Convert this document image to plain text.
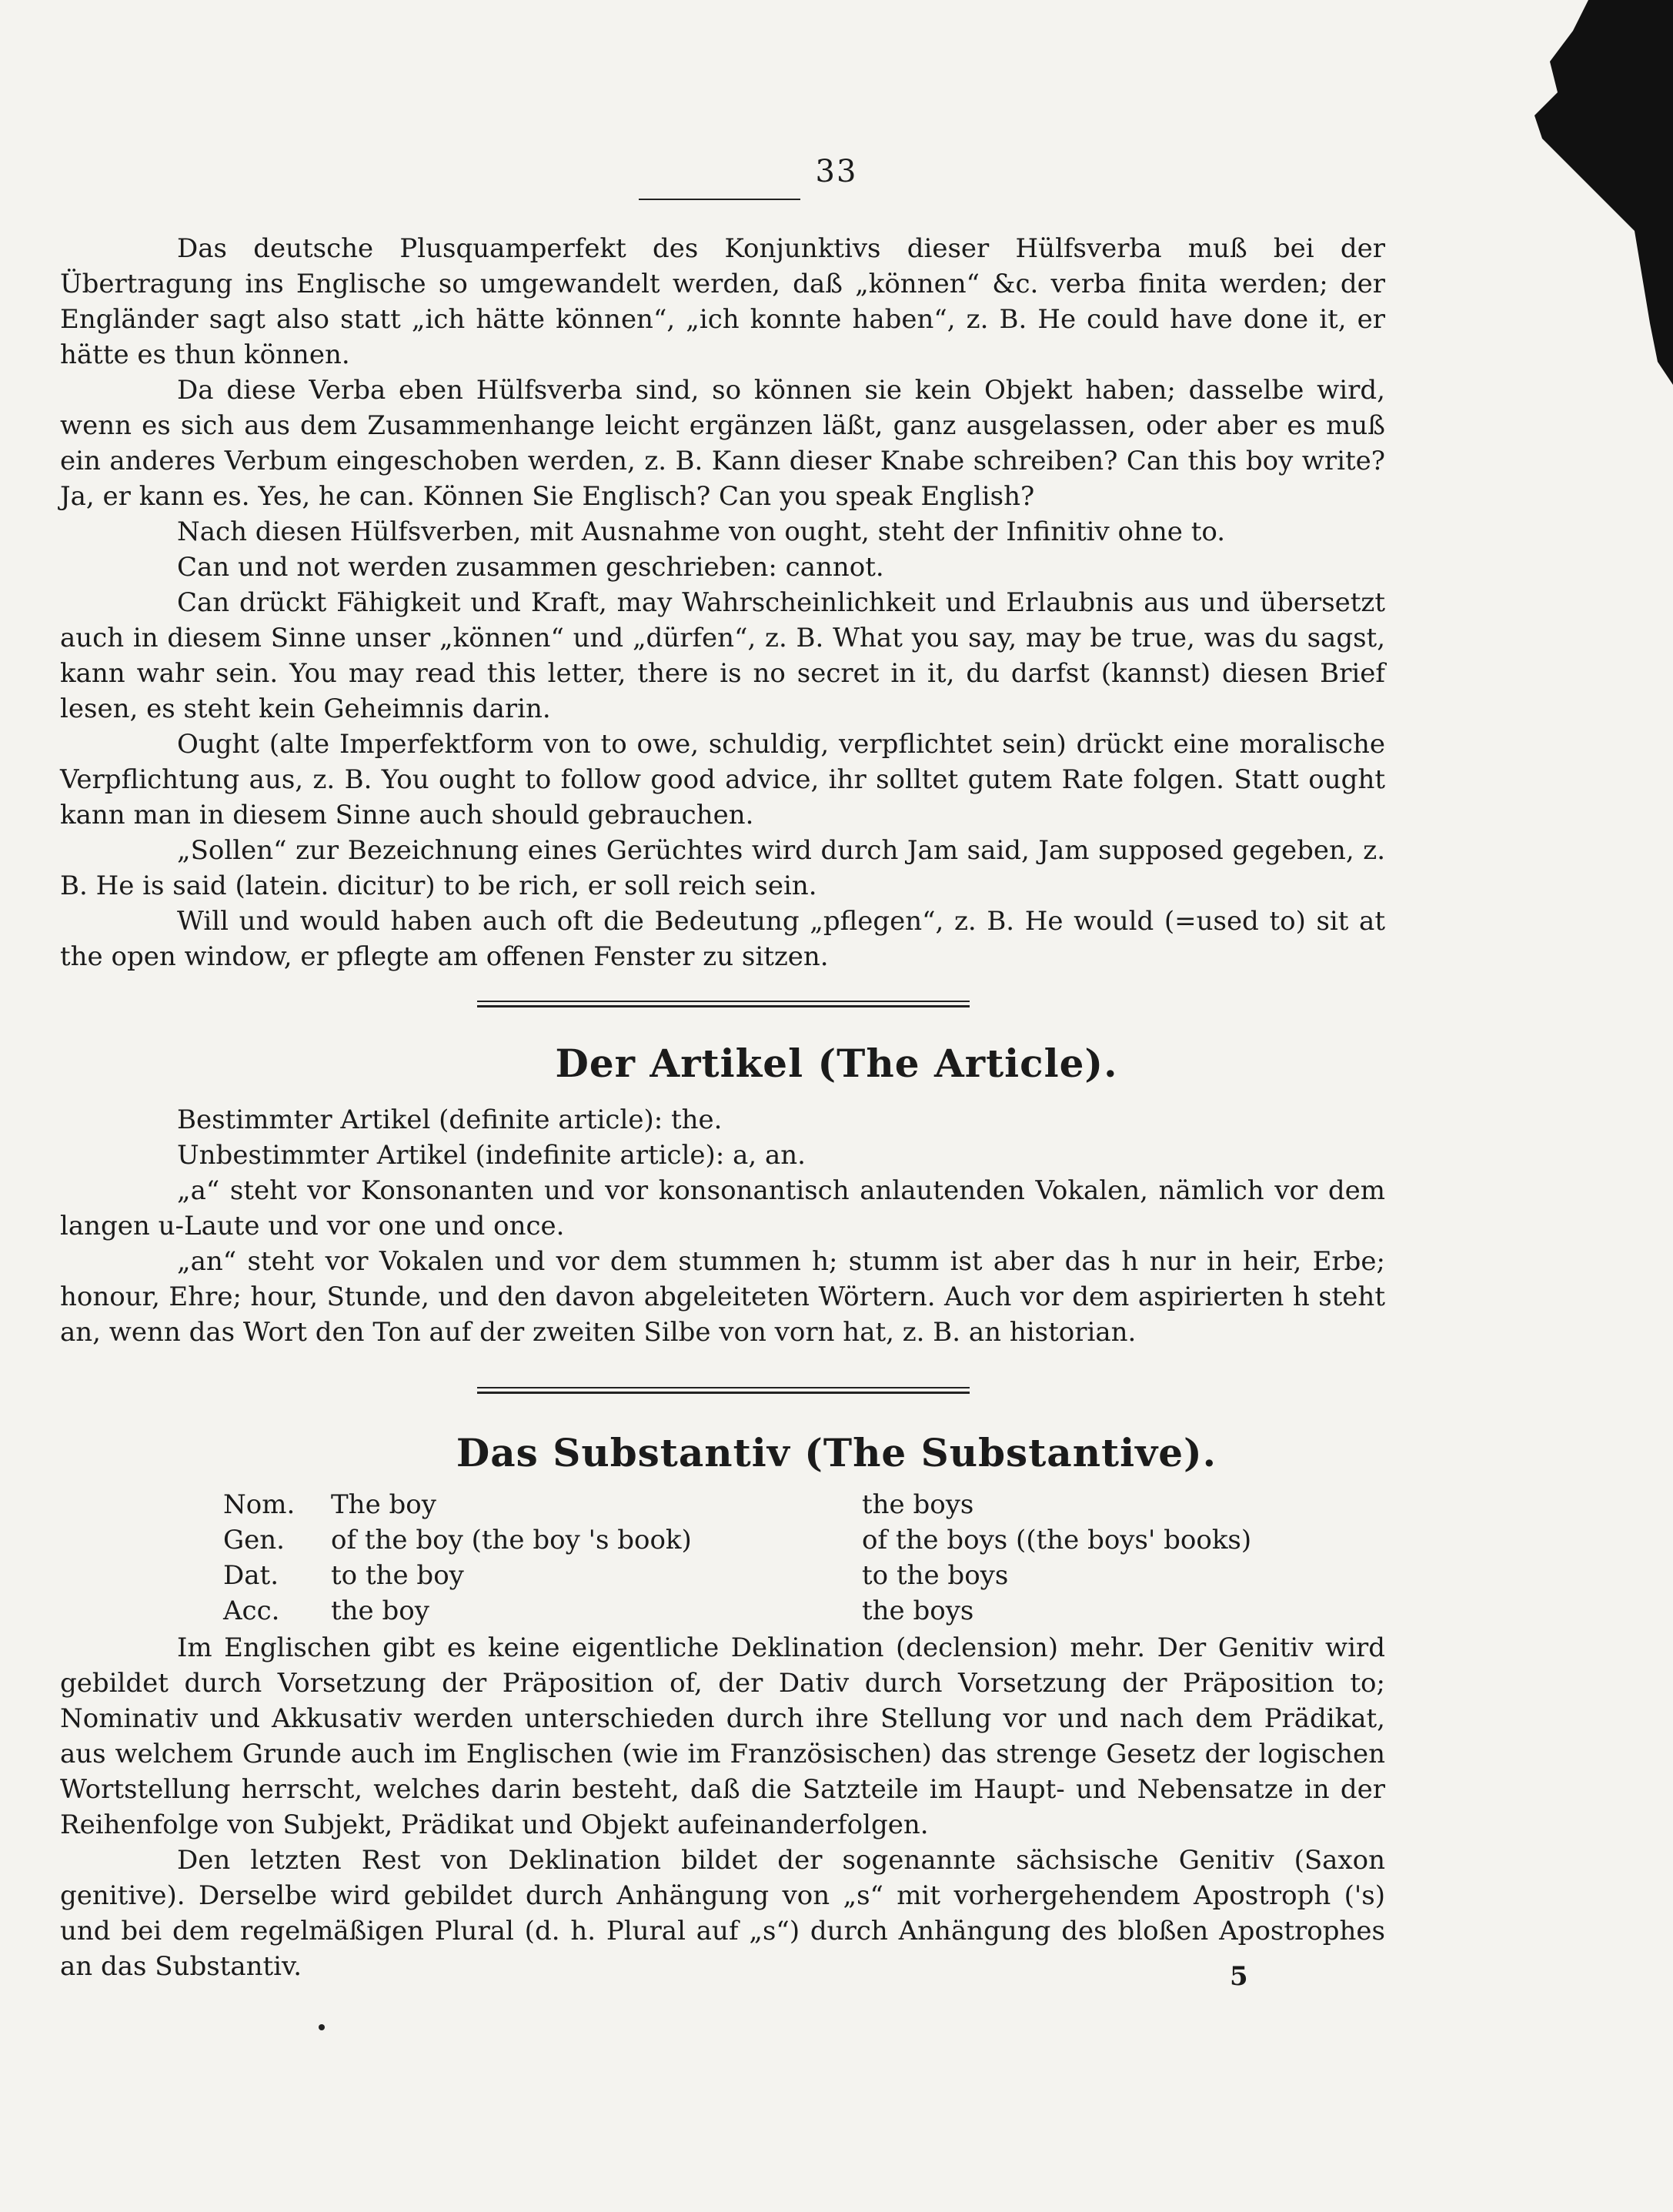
33

Das deutsche Plusquamperfekt des Konjunktivs dieser Hülfsverba muß bei der Übertragung ins Englische so umgewandelt werden, daß „können“ &c. verba finita werden; der Engländer sagt also statt „ich hätte können“, „ich konnte haben“, z. B. He could have done it, er hätte es thun können.

Da diese Verba eben Hülfsverba sind, so können sie kein Objekt haben; dasselbe wird, wenn es sich aus dem Zusammenhange leicht ergänzen läßt, ganz ausgelassen, oder aber es muß ein anderes Verbum eingeschoben werden, z. B. Kann dieser Knabe schreiben? Can this boy write? Ja, er kann es. Yes, he can. Können Sie Englisch? Can you speak English?

Nach diesen Hülfsverben, mit Ausnahme von ought, steht der Infinitiv ohne to.

Can und not werden zusammen geschrieben: cannot.

Can drückt Fähigkeit und Kraft, may Wahrscheinlichkeit und Erlaubnis aus und übersetzt auch in diesem Sinne unser „können“ und „dürfen“, z. B. What you say, may be true, was du sagst, kann wahr sein. You may read this letter, there is no secret in it, du darfst (kannst) diesen Brief lesen, es steht kein Geheimnis darin.

Ought (alte Imperfektform von to owe, schuldig, verpflichtet sein) drückt eine moralische Verpflichtung aus, z. B. You ought to follow good advice, ihr solltet gutem Rate folgen. Statt ought kann man in diesem Sinne auch should gebrauchen.

„Sollen“ zur Bezeichnung eines Gerüchtes wird durch Jam said, Jam supposed gegeben, z. B. He is said (latein. dicitur) to be rich, er soll reich sein.

Will und would haben auch oft die Bedeutung „pflegen“, z. B. He would (=used to) sit at the open window, er pflegte am offenen Fenster zu sitzen.

Der Artikel (The Article).

Bestimmter Artikel (definite article): the.

Unbestimmter Artikel (indefinite article): a, an.

„a“ steht vor Konsonanten und vor konsonantisch anlautenden Vokalen, nämlich vor dem langen u-Laute und vor one und once.

„an“ steht vor Vokalen und vor dem stummen h; stumm ist aber das h nur in heir, Erbe; honour, Ehre; hour, Stunde, und den davon abgeleiteten Wörtern. Auch vor dem aspirierten h steht an, wenn das Wort den Ton auf der zweiten Silbe von vorn hat, z. B. an historian.

Das Substantiv (The Substantive).
Nom.	The boy	the boys
Gen.	of the boy (the boy 's book)	of the boys ((the boys' books)
Dat.	to the boy	to the boys
Acc.	the boy	the boys

Im Englischen gibt es keine eigentliche Deklination (declension) mehr. Der Genitiv wird gebildet durch Vorsetzung der Präposition of, der Dativ durch Vorsetzung der Präposition to; Nominativ und Akkusativ werden unterschieden durch ihre Stellung vor und nach dem Prädikat, aus welchem Grunde auch im Englischen (wie im Französischen) das strenge Gesetz der logischen Wortstellung herrscht, welches darin besteht, daß die Satzteile im Haupt- und Nebensatze in der Reihenfolge von Subjekt, Prädikat und Objekt aufeinanderfolgen.

Den letzten Rest von Deklination bildet der sogenannte sächsische Genitiv (Saxon genitive). Derselbe wird gebildet durch Anhängung von „s“ mit vorhergehendem Apostroph ('s) und bei dem regelmäßigen Plural (d. h. Plural auf „s“) durch Anhängung des bloßen Apostrophes an das Substantiv.	5
